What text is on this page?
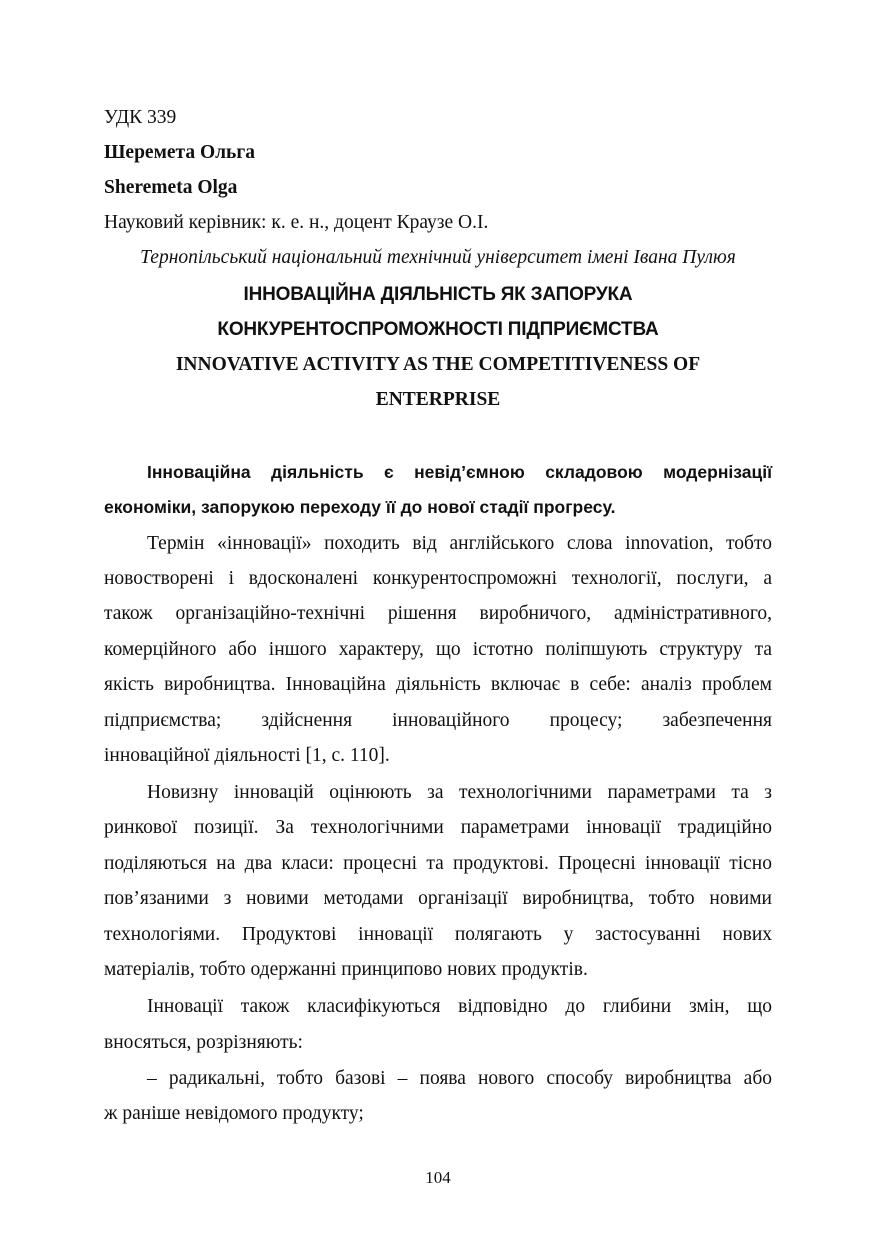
УДК 339
Шеремета Ольга
Sheremeta Olga
Науковий керівник: к. е. н., доцент Краузе О.І.
Тернопільський національний технічний університет імені Івана Пулюя
ІННОВАЦІЙНА ДІЯЛЬНІСТЬ ЯК ЗАПОРУКА
КОНКУРЕНТОСПРОМОЖНОСТІ ПІДПРИЄМСТВА
INNOVATIVE ACTIVITY AS THE COMPETITIVENESS OF
ENTERPRISE
Інноваційна діяльність є невід’ємною складовою модернізації
економіки, запорукою переходу її до нової стадії прогресу.
Термін «інновації» походить від англійського слова innovation, тобто
новостворені і вдосконалені конкурентоспроможні технології, послуги, а
також організаційно-технічні рішення виробничого, адміністративного,
комерційного або іншого характеру, що істотно поліпшують структуру та
якість виробництва. Інноваційна діяльність включає в себе: аналіз проблем
підприємства; здійснення інноваційного процесу; забезпечення
інноваційної діяльності [1, с. 110].
Новизну інновацій оцінюють за технологічними параметрами та з
ринкової позиції. За технологічними параметрами інновації традиційно
поділяються на два класи: процесні та продуктові. Процесні інновації тісно
пов’язаними з новими методами організації виробництва, тобто новими
технологіями. Продуктові інновації полягають у застосуванні нових
матеріалів, тобто одержанні принципово нових продуктів.
Інновації також класифікуються відповідно до глибини змін, що
вносяться, розрізняють:
– радикальні, тобто базові – поява нового способу виробництва або
ж раніше невідомого продукту;
104
